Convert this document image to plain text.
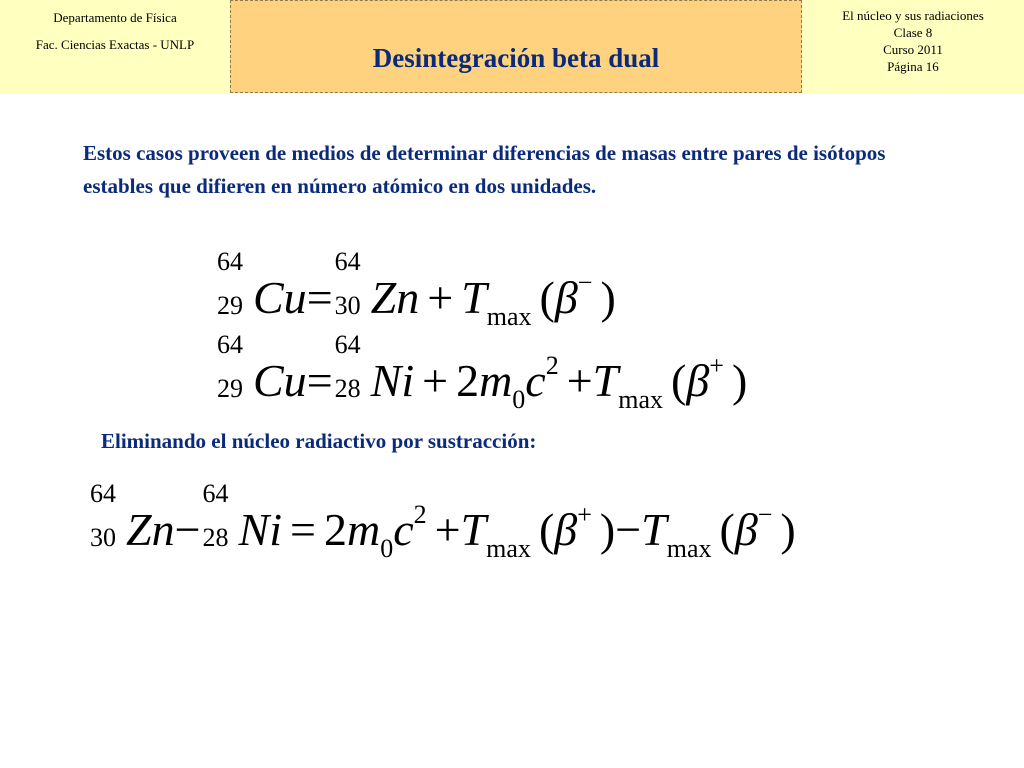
Departamento de Física
Fac. Ciencias Exactas - UNLP	Desintegración beta dual
El núcleo y sus radiaciones
Clase 8
Curso 2011
Página 16
Estos casos proveen de medios de determinar diferencias de masas entre pares de isótopos estables que difieren en número atómico en dos unidades.
64
29 Cu=
64
30 Zn + Tmax (β− )
64
29 Cu=
64
28 Ni + 2m0c2 +Tmax (β+ )
Eliminando el núcleo radiactivo por sustracción:
64
30 Zn−
64
28 Ni = 2m0c2 +Tmax (β+ )−Tmax (β− )
